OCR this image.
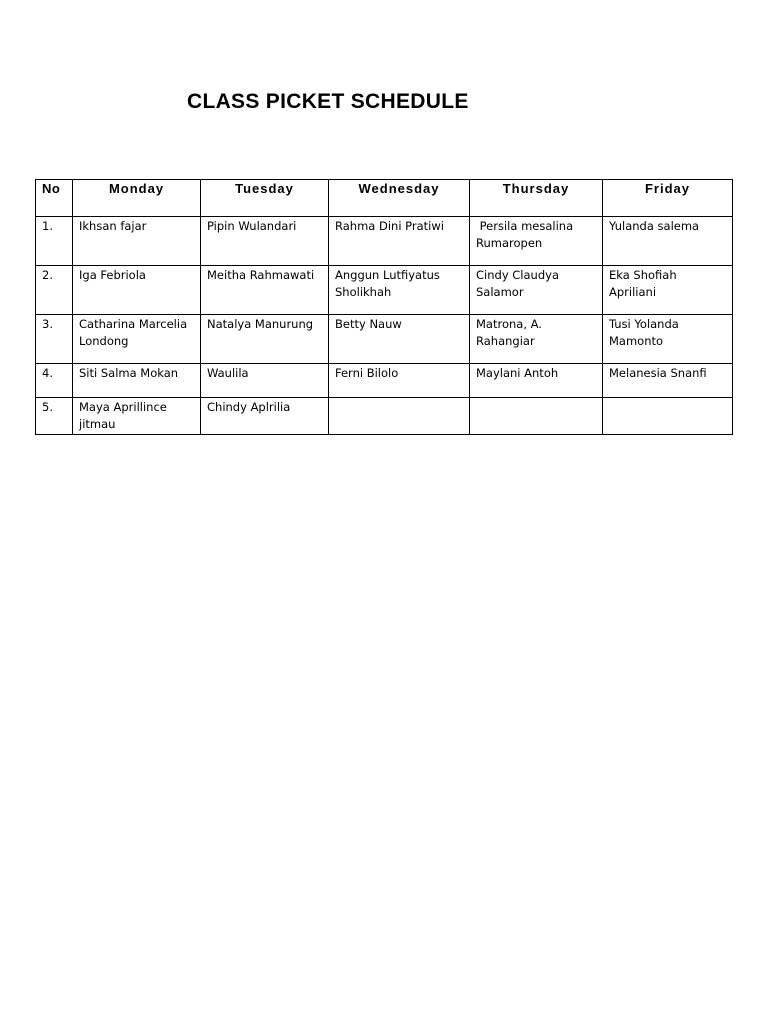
CLASS PICKET SCHEDULE
No	Monday	Tuesday	Wednesday	Thursday	Friday
1.	Ikhsan fajar	Pipin Wulandari	Rahma Dini Pratiwi	Persila mesalina Rumaropen	Yulanda salema
2.	Iga Febriola	Meitha Rahmawati	Anggun Lutfiyatus Sholikhah	Cindy Claudya Salamor	Eka Shofiah Apriliani
3.	Catharina Marcelia Londong	Natalya Manurung	Betty Nauw	Matrona, A. Rahangiar	Tusi Yolanda Mamonto
4.	Siti Salma Mokan	Waulila	Ferni Bilolo	Maylani Antoh	Melanesia Snanfi
5.	Maya Aprillince jitmau	Chindy Aplrilia			
